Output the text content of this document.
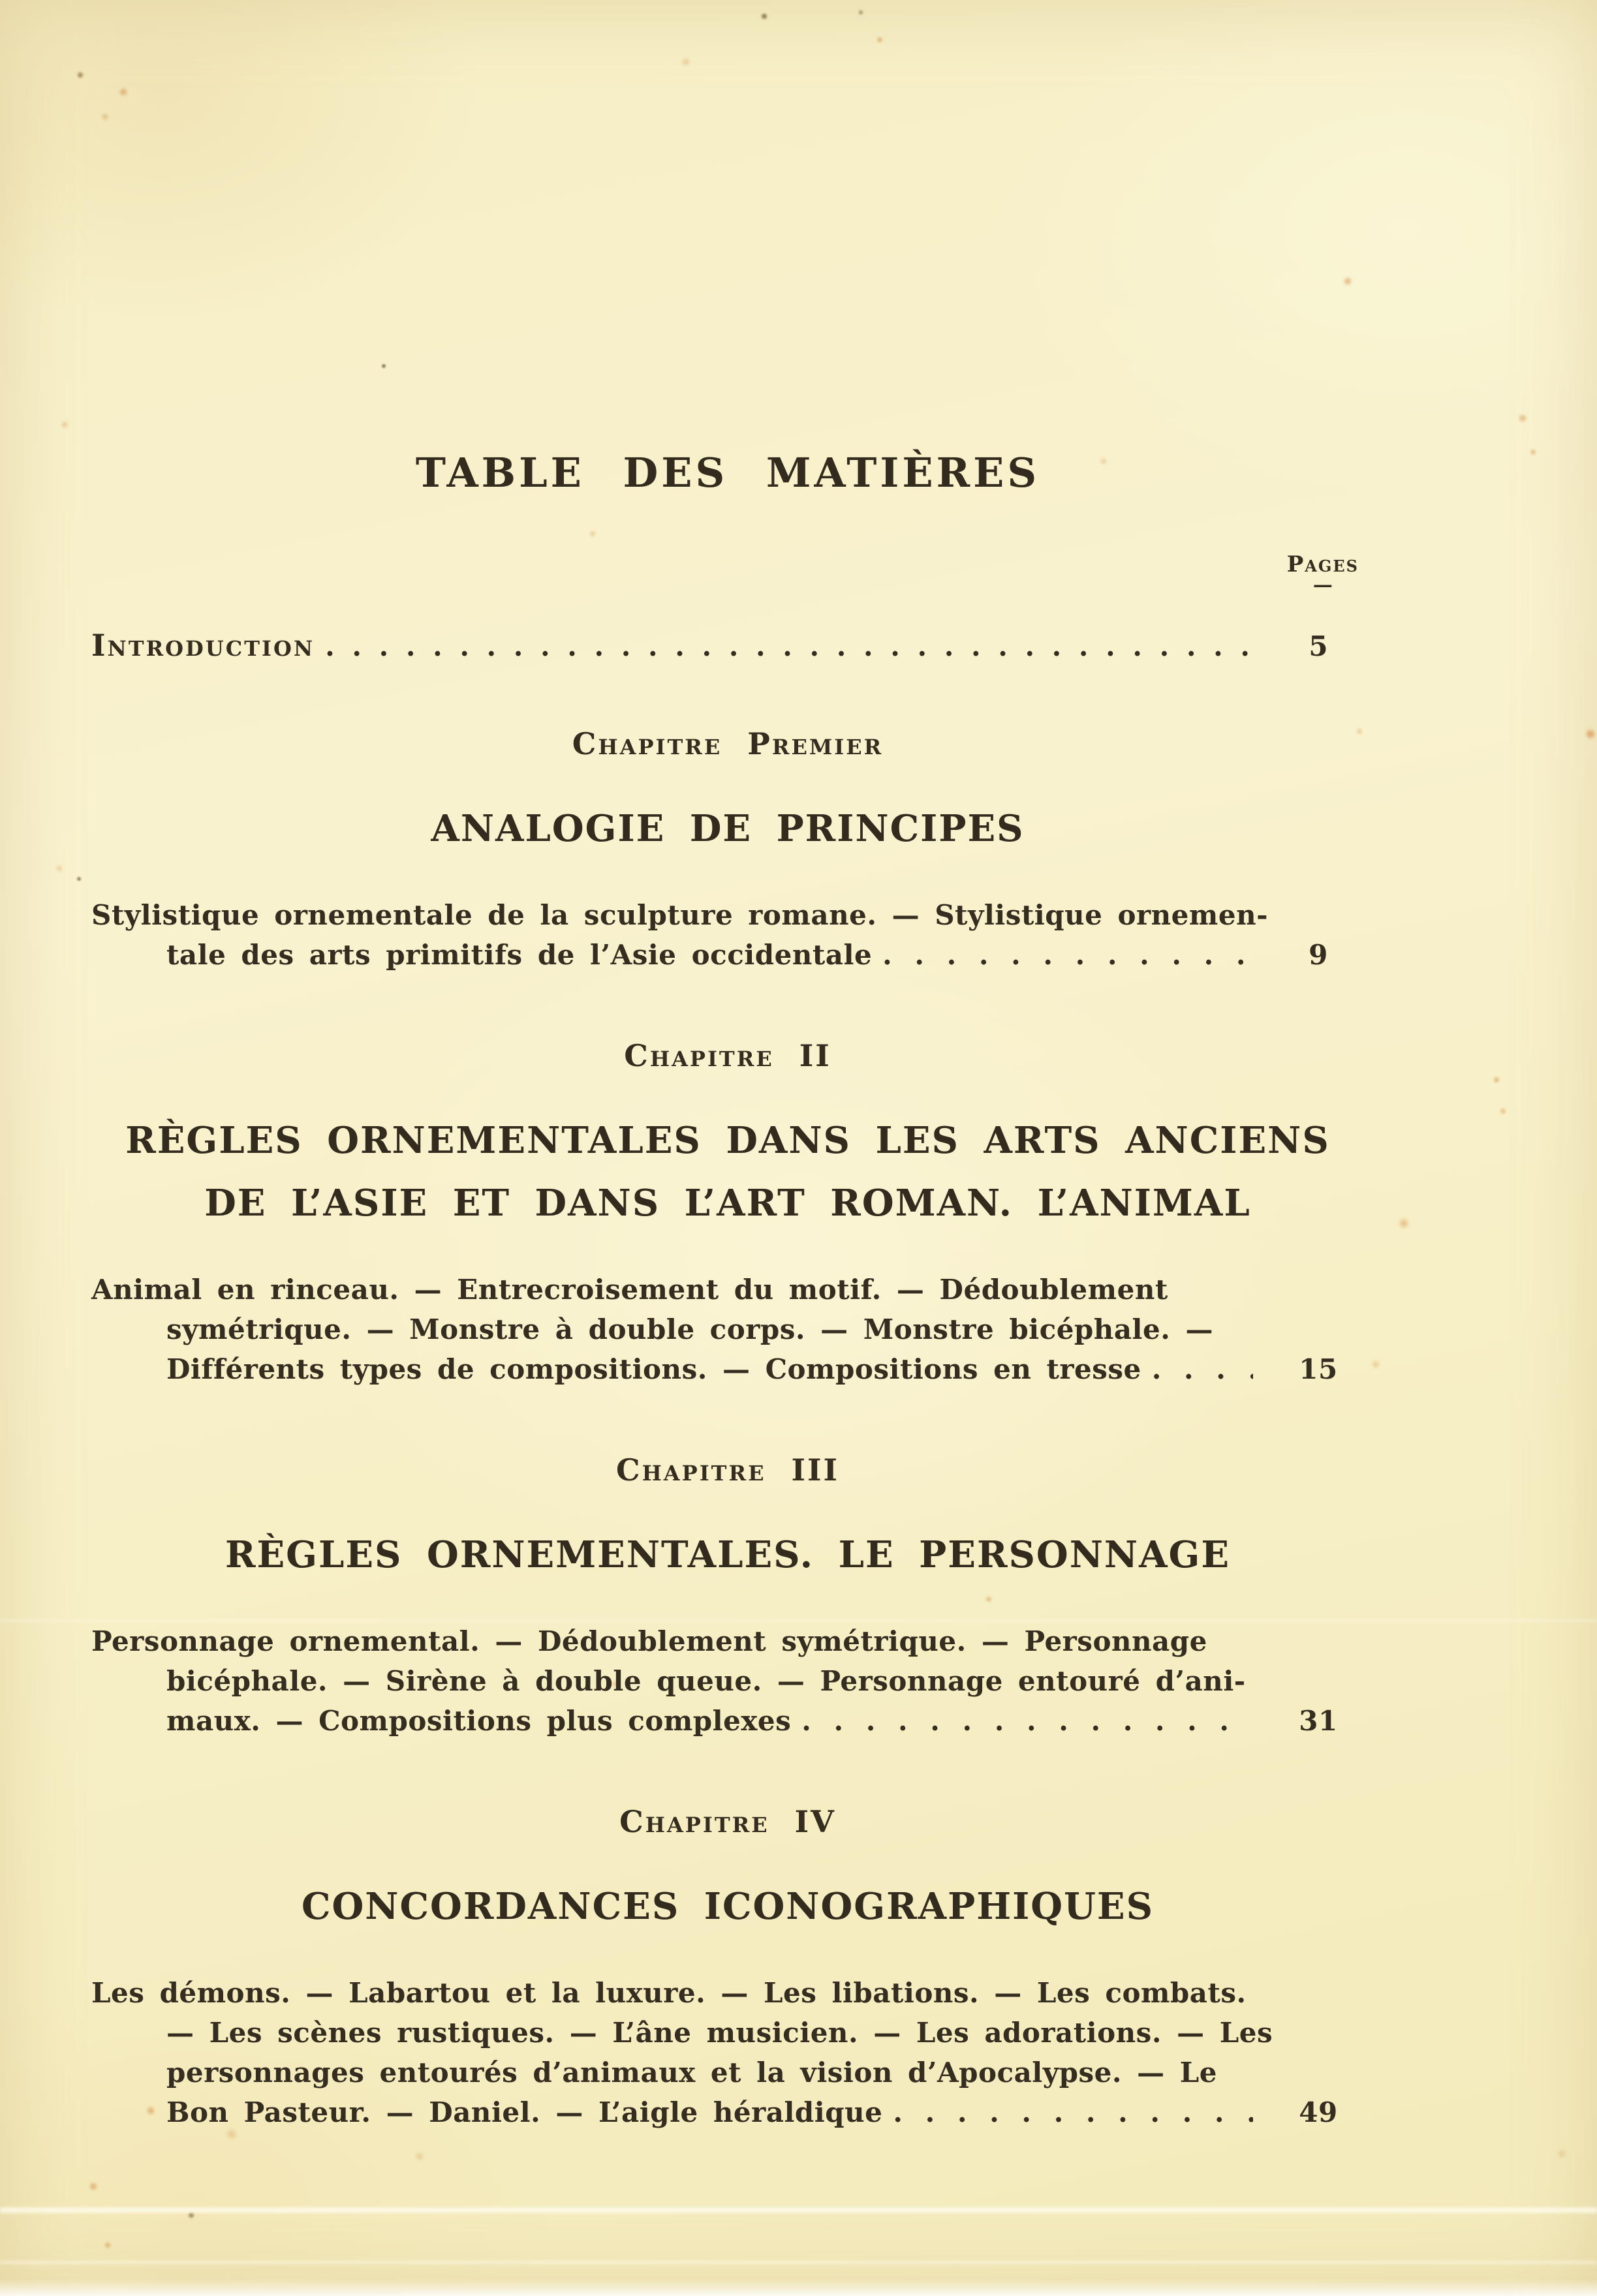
TABLE DES MATIÈRES
Pages
—
Introduction . . .	5
Chapitre Premier
ANALOGIE DE PRINCIPES
Stylistique ornementale de la sculpture romane. — Stylistique ornemen-
tale des arts primitifs de l’Asie occidentale . . .	9
Chapitre II
RÈGLES ORNEMENTALES DANS LES ARTS ANCIENS
DE L’ASIE ET DANS L’ART ROMAN. L’ANIMAL
Animal en rinceau. — Entrecroisement du motif. — Dédoublement
symétrique. — Monstre à double corps. — Monstre bicéphale. —
Différents types de compositions. — Compositions en tresse . . .	15
Chapitre III
RÈGLES ORNEMENTALES. LE PERSONNAGE
Personnage ornemental. — Dédoublement symétrique. — Personnage
bicéphale. — Sirène à double queue. — Personnage entouré d’ani-
maux. — Compositions plus complexes . . .	31
Chapitre IV
CONCORDANCES ICONOGRAPHIQUES
Les démons. — Labartou et la luxure. — Les libations. — Les combats.
— Les scènes rustiques. — L’âne musicien. — Les adorations. — Les
personnages entourés d’animaux et la vision d’Apocalypse. — Le
Bon Pasteur. — Daniel. — L’aigle héraldique . . .	49
